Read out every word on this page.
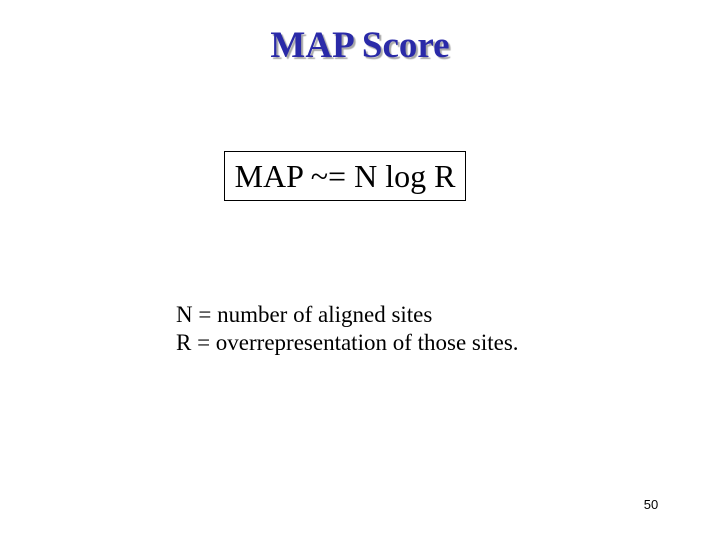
MAP Score
MAP ~= N log R
N = number of aligned sites
R = overrepresentation of those sites.
50
